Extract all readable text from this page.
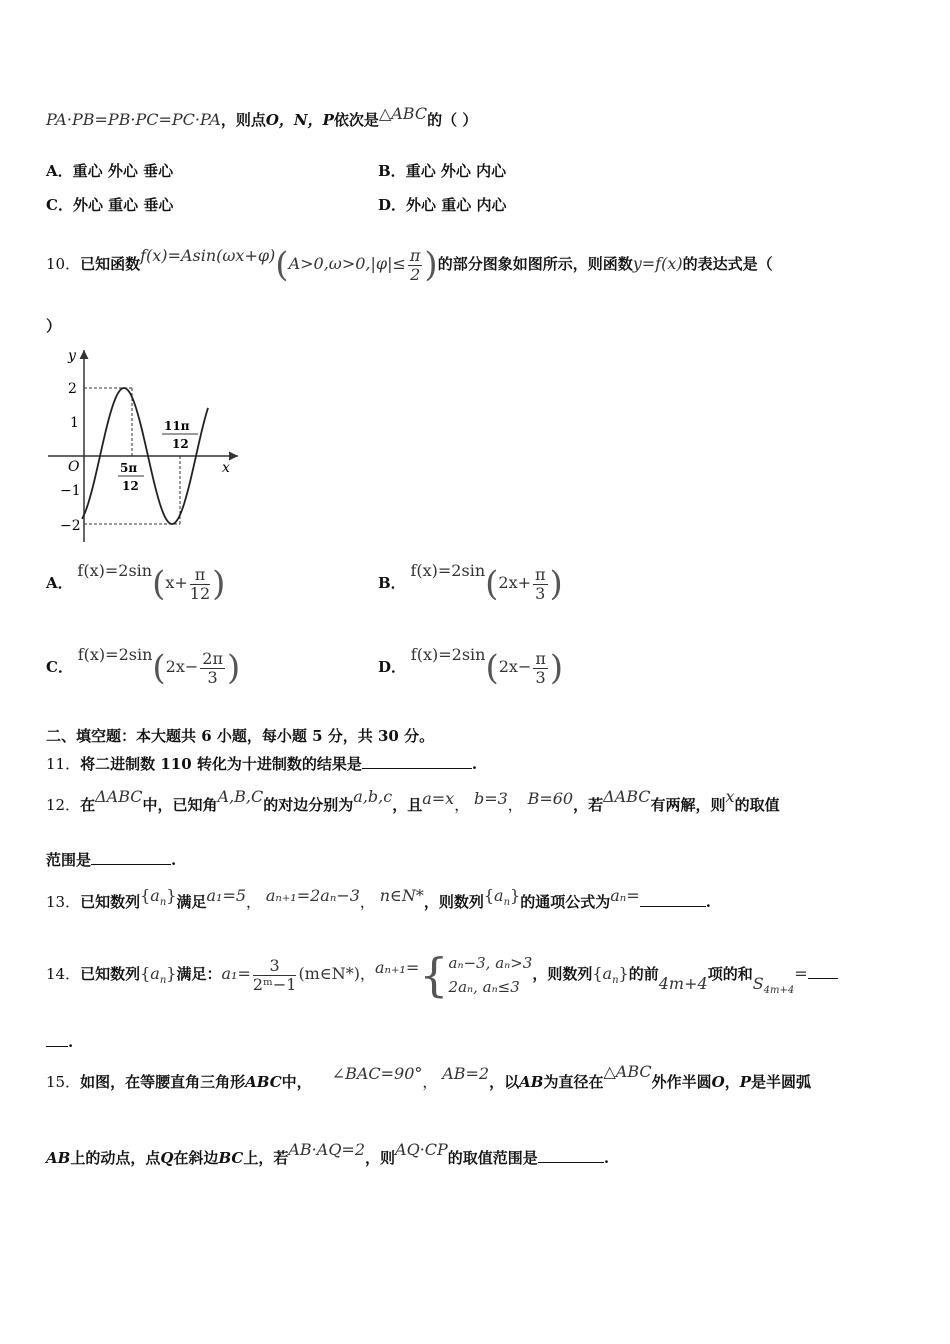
PA·PB=PB·PC=PC·PA，则点O，N，P依次是△ABC的（ ）
A．重心 外心 垂心	B．重心 外心 内心
C．外心 重心 垂心	D．外心 重心 内心
10．已知函数$f(x)=Asin(\omega x+\varphi)(A>0,\omega>0,|\varphi|\le \frac{\pi}{2}$ )的部分图象如图所示，则函数y=f(x)的表达式是（
）
y
x
O
2
1
−1
−2
5π
12
11π
12
A． $f(x)=2\sin(x+ \frac{\pi}{12}$ )	B． $f(x)=2\sin(2x+ \frac{\pi}{3}$ )
C． $f(x)=2\sin(2x- \frac{2\pi}{3}$ )	D． $f(x)=2\sin(2x- \frac{\pi}{3}$ )
二、填空题：本大题共 6 小题，每小题 5 分，共 30 分。
11．将二进制数 110 转化为十进制数的结果是	.
12．在ΔABC中，已知角A,B,C的对边分别为a,b,c，且a=x， b=3， B=60，若ΔABC有两解，则x的取值
范围是	.
13．已知数列$\{a_n\}$满足a₁=5， aₙ₊₁=2aₙ−3， n∈N*，则数列$\{a_n\}$的通项公式为aₙ=	.
14．已知数列$\{a_n\}$满足：$a_1= \frac{3}{\text{2ᵐ−1}}$ (m∈N*)，aₙ₊₁={ aₙ−3, aₙ>3
2aₙ, aₙ≤3
，则数列$\{a_n\}$的前4m+4项的和$S_{4m+4}=$
.
15．如图，在等腰直角三角形ABC中， ∠BAC=90°， AB=2，以AB为直径在△ABC外作半圆O，P是半圆弧
AB上的动点，点Q在斜边BC上，若AB·AQ=2，则AQ·CP的取值范围是	.
